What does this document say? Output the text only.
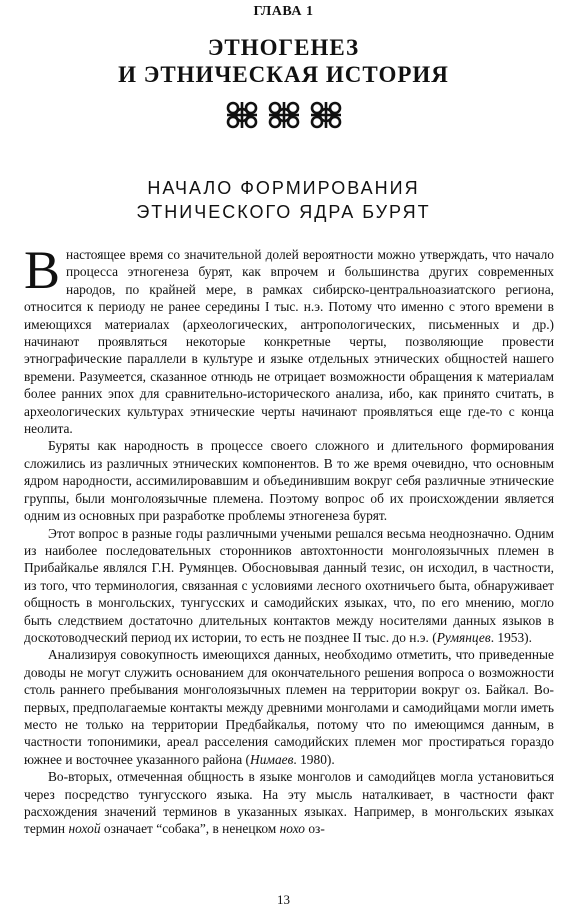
ГЛАВА 1
ЭТНОГЕНЕЗ
И ЭТНИЧЕСКАЯ ИСТОРИЯ
НАЧАЛО ФОРМИРОВАНИЯ
ЭТНИЧЕСКОГО ЯДРА БУРЯТ

Внастоящее время со значительной долей вероятности можно утверждать, что начало процесса этногенеза бурят, как впрочем и большинства других современных народов, по крайней мере, в рамках сибирско-центральноазиатского региона, относится к периоду не ранее середины I тыс. н.э. Потому что именно с этого времени в имеющихся материалах (археологических, антропологических, письменных и др.) начинают проявляться некоторые конкретные черты, позволяющие провести этнографические параллели в культуре и языке отдельных этнических общностей нашего времени. Разумеется, сказанное отнюдь не отрицает возможности обращения к материалам более ранних эпох для сравнительно-исторического анализа, ибо, как принято считать, в археологических культурах этнические черты начинают проявляться еще где-то с конца неолита.

Буряты как народность в процессе своего сложного и длительного формирования сложились из различных этнических компонентов. В то же время очевидно, что основным ядром народности, ассимилировавшим и объединившим вокруг себя различные этнические группы, были монголоязычные племена. Поэтому вопрос об их происхождении является одним из основных при разработке проблемы этногенеза бурят.

Этот вопрос в разные годы различными учеными решался весьма неоднозначно. Одним из наиболее последовательных сторонников автохтонности монголоязычных племен в Прибайкалье являлся Г.Н. Румянцев. Обосновывая данный тезис, он исходил, в частности, из того, что терминология, связанная с условиями лесного охотничьего быта, обнаруживает общность в монгольских, тунгусских и самодийских языках, что, по его мнению, могло быть следствием достаточно длительных контактов между носителями данных языков в доскотоводческий период их истории, то есть не позднее II тыс. до н.э. (Румянцев. 1953).

Анализируя совокупность имеющихся данных, необходимо отметить, что приведенные доводы не могут служить основанием для окончательного решения вопроса о возможности столь раннего пребывания монголоязычных племен на территории вокруг оз. Байкал. Во-первых, предполагаемые контакты между древними монголами и самодийцами могли иметь место не только на территории Предбайкалья, потому что по имеющимся данным, в частности топонимики, ареал расселения самодийских племен мог простираться гораздо южнее и восточнее указанного района (Нимаев. 1980).

Во-вторых, отмеченная общность в языке монголов и самодийцев могла установиться через посредство тунгусского языка. На эту мысль наталкивает, в частности факт расхождения значений терминов в указанных языках. Например, в монгольских языках термин нохой означает “собака”, в ненецком нохо оз-

13
